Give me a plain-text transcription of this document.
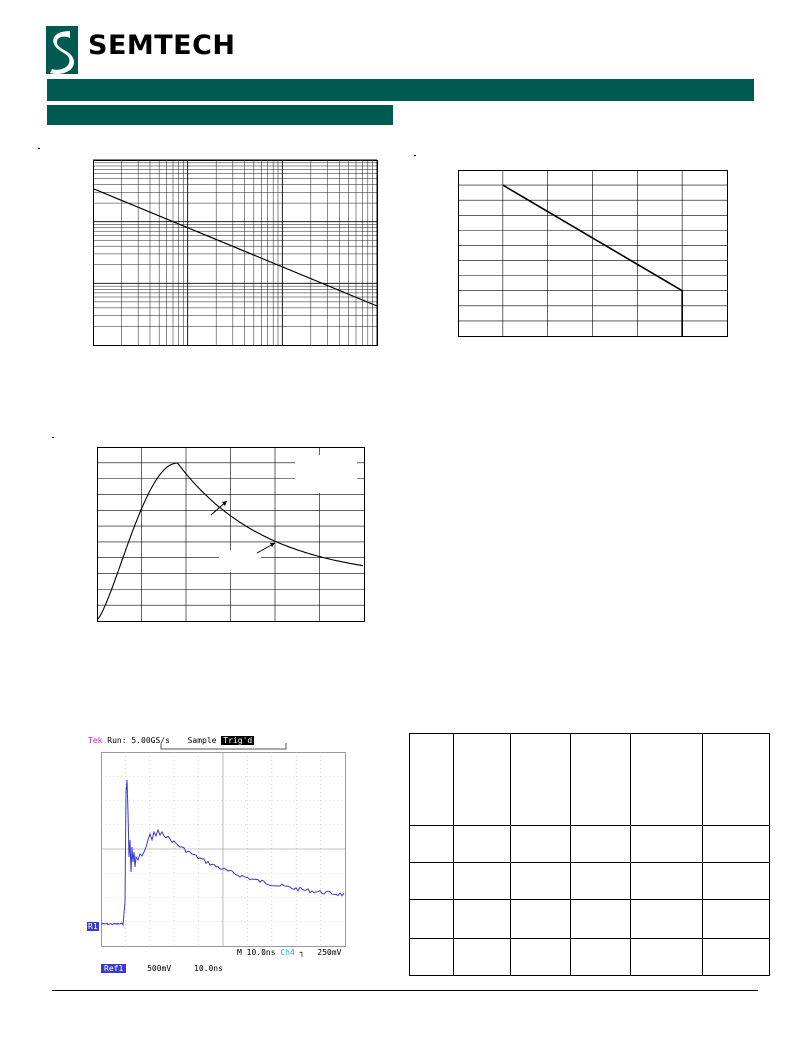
SEMTECH
Tek Run: 5.00GS/s Sample Trig'd
R1
M 10.0ns Ch4 ┐ 250mV
Ref1	500mV	10.0ns
